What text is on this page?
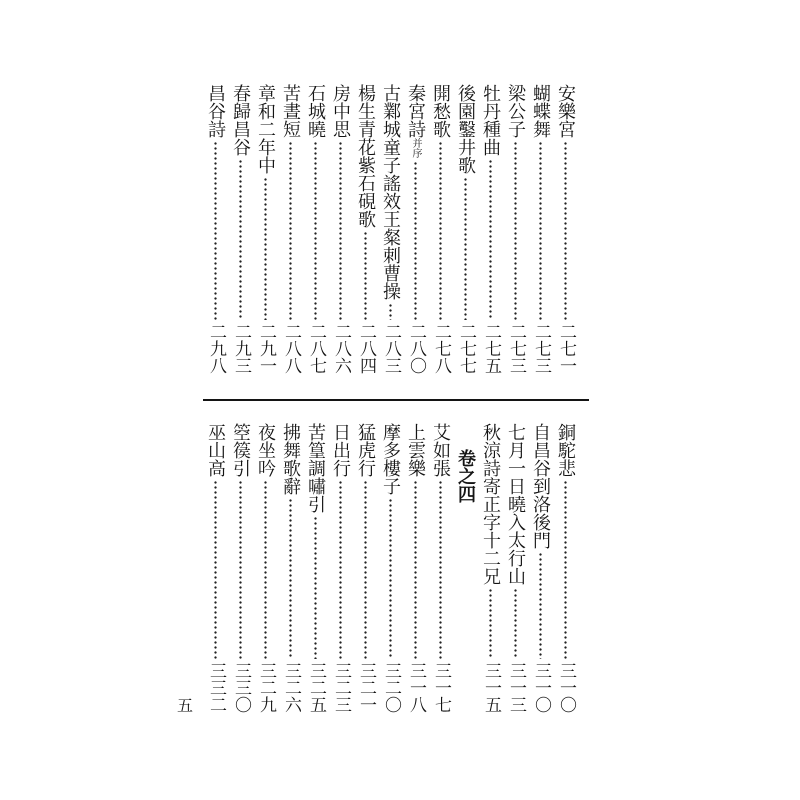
安樂宮
二七一
蝴蝶舞
二七三
梁公子
二七三
牡丹種曲
二七五
後園鑿井歌
二七七
開愁歌
二七八
秦宮詩
并序
二八〇
古鄴城童子謠效王粲刺曹操
二八三
楊生青花紫石硯歌
二八四
房中思
二八六
石城曉
二八七
苦晝短
二八八
章和二年中
二九一
春歸昌谷
二九三
昌谷詩
二九八
銅駝悲
三一〇
自昌谷到洛後門
三一〇
七月一日曉入太行山
三一三
秋涼詩寄正字十二兄
三一五
卷之四
艾如張
三一七
上雲樂
三一八
摩多樓子
三二〇
猛虎行
三二一
日出行
三二三
苦篁調嘯引
三二五
拂舞歌辭
三二六
夜坐吟
三二九
箜篌引
三三〇
巫山高
三三二
五
